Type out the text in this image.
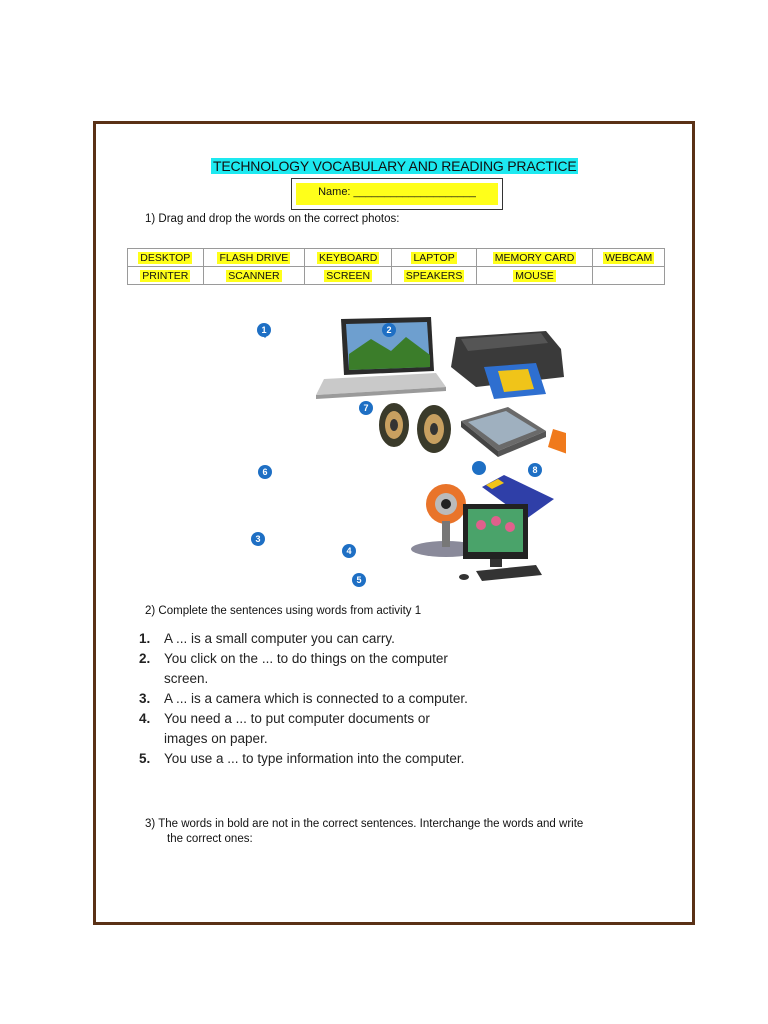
TECHNOLOGY VOCABULARY AND READING PRACTICE
Name: ____________________
1) Drag and drop the words on the correct photos:
DESKTOP	FLASH DRIVE	KEYBOARD	LAPTOP	MEMORY CARD	WEBCAM
PRINTER	SCANNER	SCREEN	SPEAKERS	MOUSE	
1	2
3
4
5
7
6	8
2) Complete the sentences using words from activity 1
1.	A ... is a small computer you can carry.
2.	You click on the ... to do things on the computer screen.
3.	A ... is a camera which is connected to a computer.
4.	You need a ... to put computer documents or images on paper.
5.	You use a ... to type information into the computer.
3) The words in bold are not in the correct sentences. Interchange the words and write
the correct ones:
